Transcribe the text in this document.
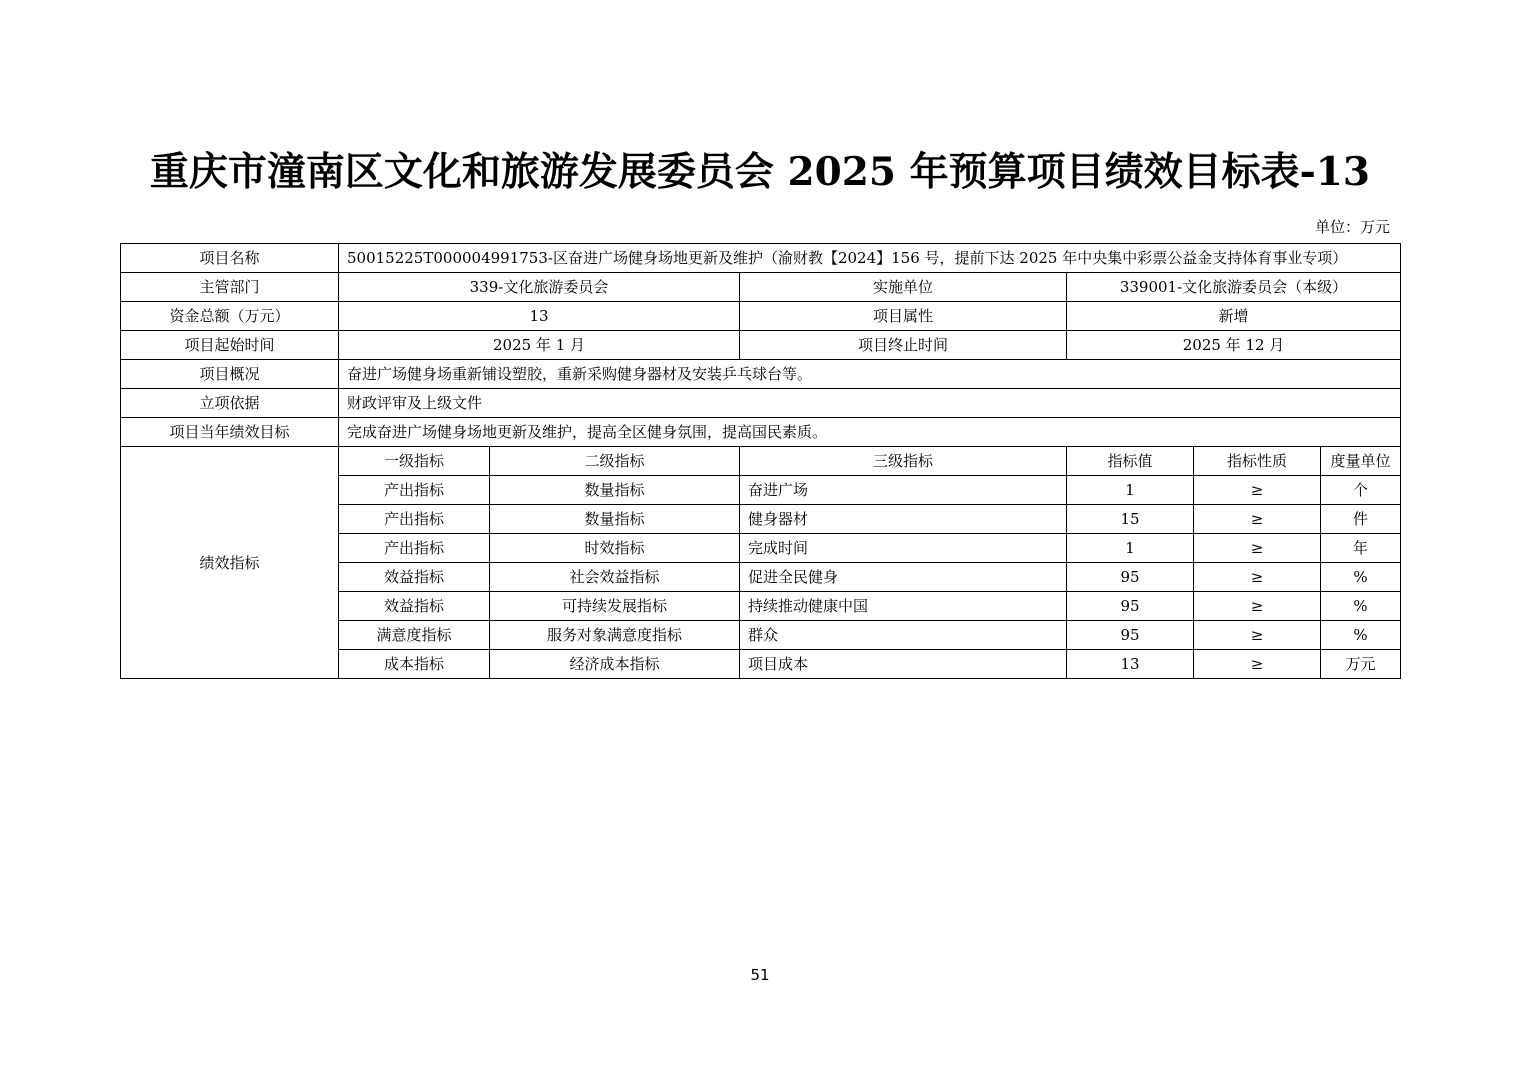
重庆市潼南区文化和旅游发展委员会 2025 年预算项目绩效目标表-13
单位：万元
项目名称	50015225T000004991753-区奋进广场健身场地更新及维护（渝财教【2024】156 号，提前下达 2025 年中央集中彩票公益金支持体育事业专项）						
主管部门	339-文化旅游委员会		实施单位	339001-文化旅游委员会（本级）			
资金总额（万元）	13		项目属性	新增			
项目起始时间	2025 年 1 月		项目终止时间	2025 年 12 月			
项目概况	奋进广场健身场重新铺设塑胶，重新采购健身器材及安装乒乓球台等。						
立项依据	财政评审及上级文件						
项目当年绩效目标	完成奋进广场健身场地更新及维护，提高全区健身氛围，提高国民素质。						
绩效指标	一级指标	二级指标	三级指标	指标值	指标性质	度量单位	
	产出指标	数量指标	奋进广场	1	≥	个	
	产出指标	数量指标	健身器材	15	≥	件	
	产出指标	时效指标	完成时间	1	≥	年	
	效益指标	社会效益指标	促进全民健身	95	≥	%	
	效益指标	可持续发展指标	持续推动健康中国	95	≥	%	
	满意度指标	服务对象满意度指标	群众	95	≥	%	
	成本指标	经济成本指标	项目成本	13	≥	万元	
51
